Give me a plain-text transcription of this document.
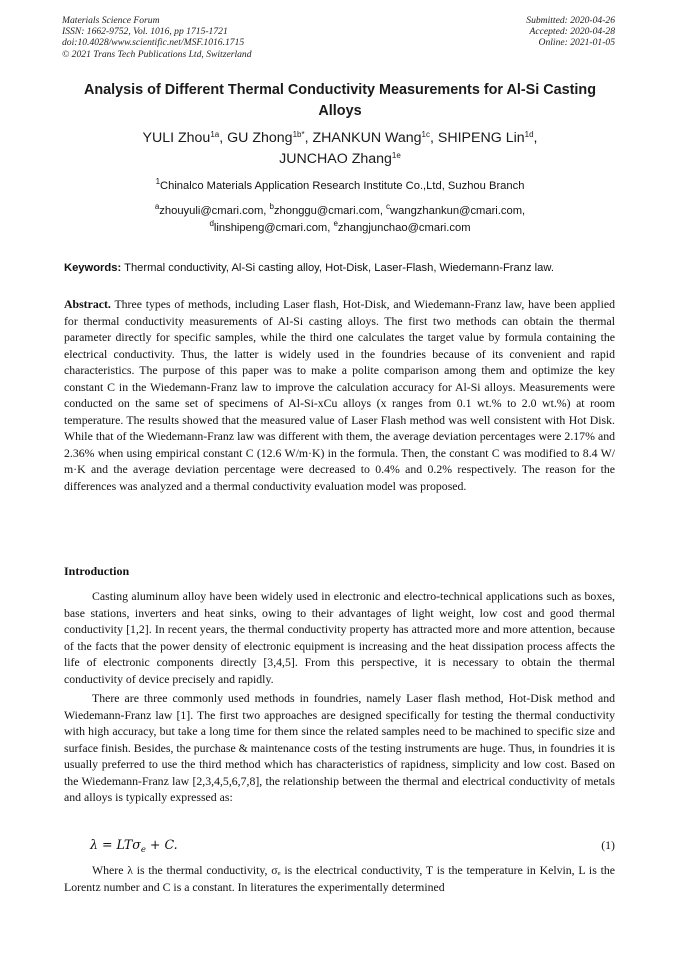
Materials Science Forum
ISSN: 1662-9752, Vol. 1016, pp 1715-1721
doi:10.4028/www.scientific.net/MSF.1016.1715
© 2021 Trans Tech Publications Ltd, Switzerland
Submitted: 2020-04-26
Accepted: 2020-04-28
Online: 2021-01-05
Analysis of Different Thermal Conductivity Measurements for Al-Si Casting Alloys
YULI Zhou$^{1a}$, GU Zhong$^{1b*}$, ZHANKUN Wang$^{1c}$, SHIPENG Lin$^{1d}$,
JUNCHAO Zhang$^{1e}$
$^1$Chinalco Materials Application Research Institute Co.,Ltd, Suzhou Branch
$^a$zhouyuli@cmari.com, $^b$zhonggu@cmari.com, $^c$wangzhankun@cmari.com,
$^d$linshipeng@cmari.com, $^e$zhangjunchao@cmari.com
Keywords: Thermal conductivity, Al-Si casting alloy, Hot-Disk, Laser-Flash, Wiedemann-Franz law.
Abstract. Three types of methods, including Laser flash, Hot-Disk, and Wiedemann-Franz law, have been applied for thermal conductivity measurements of Al-Si casting alloys. The first two methods can obtain the thermal parameter directly for specific samples, while the third one calculates the target value by formula containing the electrical conductivity. Thus, the latter is widely used in the foundries because of its convenient and rapid characteristics. The purpose of this paper was to make a polite comparison among them and optimize the key constant C in the Wiedemann-Franz law to improve the calculation accuracy for Al-Si alloys. Measurements were conducted on the same set of specimens of Al-Si-xCu alloys (x ranges from 0.1 wt.% to 2.0 wt.%) at room temperature. The results showed that the measured value of Laser Flash method was well consistent with Hot Disk. While that of the Wiedemann-Franz law was different with them, the average deviation percentages were 2.17% and 2.36% when using empirical constant C (12.6 W/m·K) in the formula. Then, the constant C was modified to 8.4 W/ m·K and the average deviation percentage were decreased to 0.4% and 0.2% respectively. The reason for the differences was analyzed and a thermal conductivity evaluation model was proposed.
Introduction
Casting aluminum alloy have been widely used in electronic and electro-technical applications such as boxes, base stations, inverters and heat sinks, owing to their advantages of light weight, low cost and good thermal conductivity [1,2]. In recent years, the thermal conductivity property has attracted more and more attention, because of the facts that the power density of electronic equipment is increasing and the heat dissipation process affects the life of electronic components directly [3,4,5]. From this perspective, it is necessary to obtain the thermal conductivity of device precisely and rapidly.
There are three commonly used methods in foundries, namely Laser flash method, Hot-Disk method and Wiedemann-Franz law [1]. The first two approaches are designed specifically for testing the thermal conductivity with high accuracy, but take a long time for them since the related samples need to be machined to specific size and surface finish. Besides, the purchase & maintenance costs of the testing instruments are huge. Thus, in foundries it is usually preferred to use the third method which has characteristics of rapidness, simplicity and low cost. Based on the Wiedemann-Franz law [2,3,4,5,6,7,8], the relationship between the thermal and electrical conductivity of metals and alloys is typically expressed as:
λ = LTσ$_e$ + C.	(1)
Where λ is the thermal conductivity, σₑ is the electrical conductivity, T is the temperature in Kelvin, L is the Lorentz number and C is a constant. In literatures the experimentally determined
